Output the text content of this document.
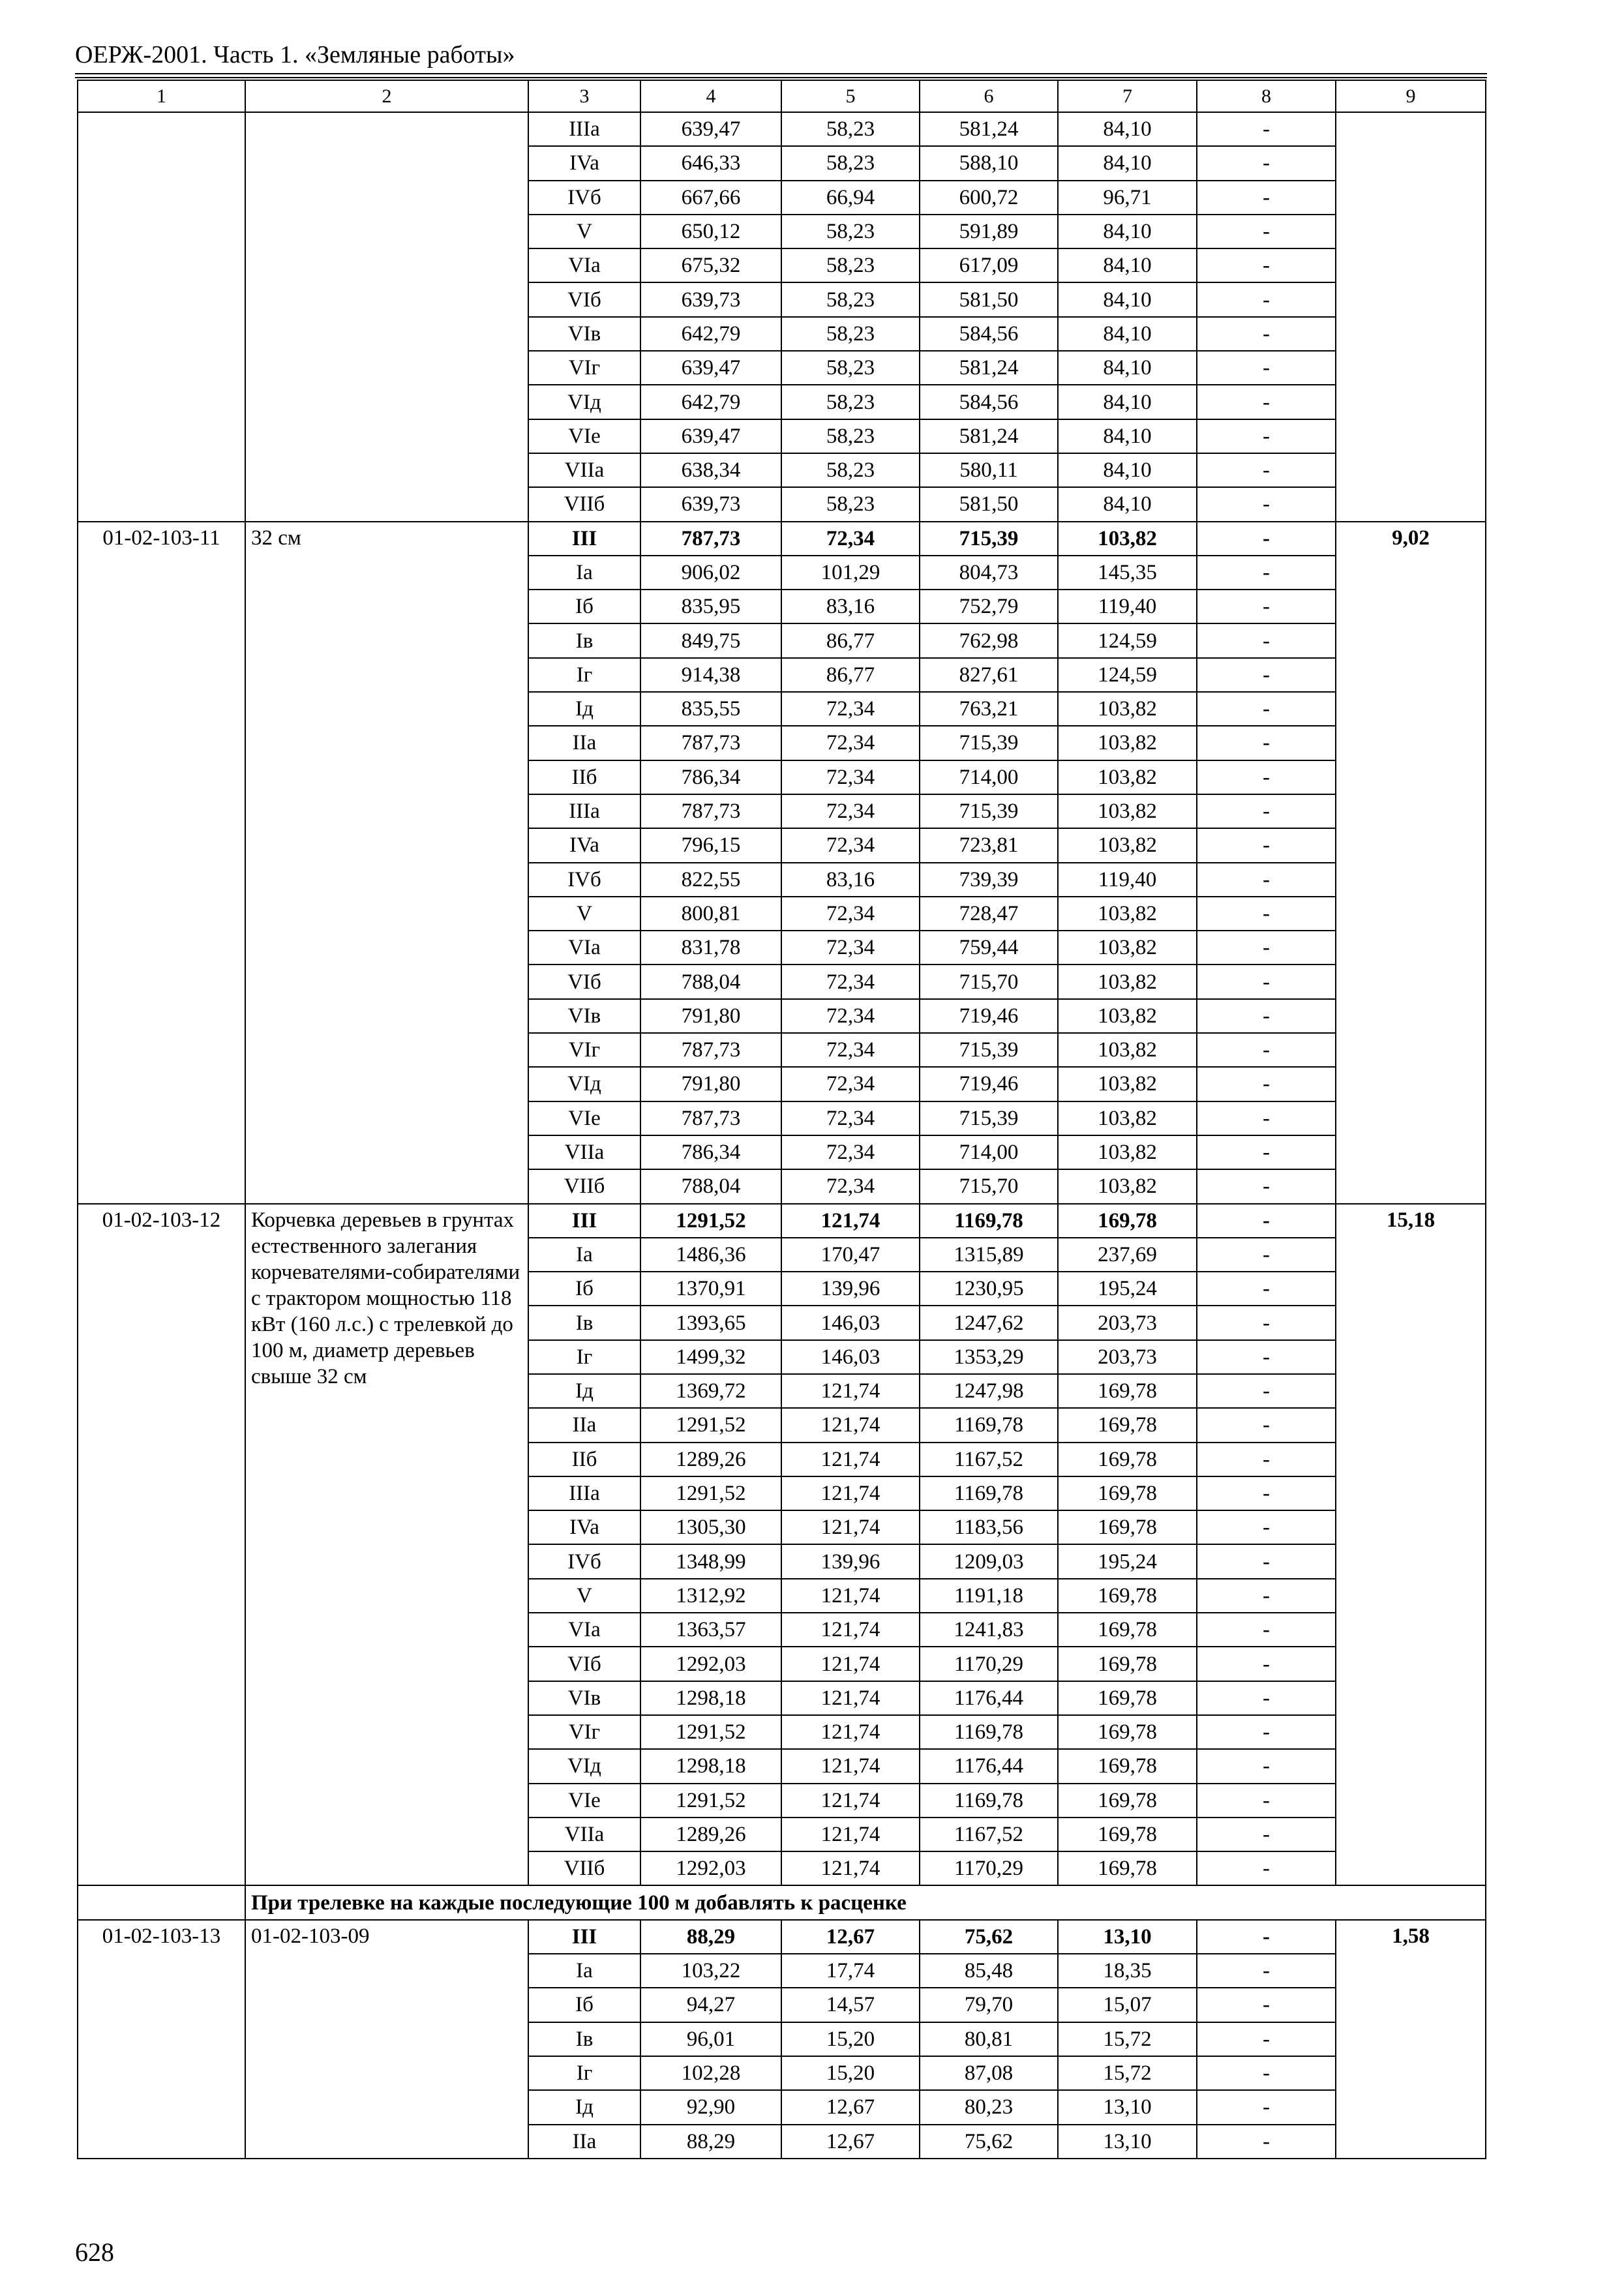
ОЕРЖ-2001. Часть 1. «Земляные работы»
1	2	3	4	5	6	7	8	9
		IIIa	639,47	58,23	581,24	84,10	-	
		IVa	646,33	58,23	588,10	84,10	-	
		IVб	667,66	66,94	600,72	96,71	-	
		V	650,12	58,23	591,89	84,10	-	
		VIa	675,32	58,23	617,09	84,10	-	
		VIб	639,73	58,23	581,50	84,10	-	
		VIв	642,79	58,23	584,56	84,10	-	
		VIг	639,47	58,23	581,24	84,10	-	
		VIд	642,79	58,23	584,56	84,10	-	
		VIе	639,47	58,23	581,24	84,10	-	
		VIIa	638,34	58,23	580,11	84,10	-	
		VIIб	639,73	58,23	581,50	84,10	-	
01-02-103-11	32 см	III	787,73	72,34	715,39	103,82	-	9,02
		Ia	906,02	101,29	804,73	145,35	-	
		Iб	835,95	83,16	752,79	119,40	-	
		Iв	849,75	86,77	762,98	124,59	-	
		Iг	914,38	86,77	827,61	124,59	-	
		Iд	835,55	72,34	763,21	103,82	-	
		IIa	787,73	72,34	715,39	103,82	-	
		IIб	786,34	72,34	714,00	103,82	-	
		IIIa	787,73	72,34	715,39	103,82	-	
		IVa	796,15	72,34	723,81	103,82	-	
		IVб	822,55	83,16	739,39	119,40	-	
		V	800,81	72,34	728,47	103,82	-	
		VIa	831,78	72,34	759,44	103,82	-	
		VIб	788,04	72,34	715,70	103,82	-	
		VIв	791,80	72,34	719,46	103,82	-	
		VIг	787,73	72,34	715,39	103,82	-	
		VIд	791,80	72,34	719,46	103,82	-	
		VIе	787,73	72,34	715,39	103,82	-	
		VIIa	786,34	72,34	714,00	103,82	-	
		VIIб	788,04	72,34	715,70	103,82	-	
01-02-103-12	Корчевка деревьев в грунтах естественного залегания корчевателями-собирателями с трактором мощностью 118 кВт (160 л.с.) с трелевкой до 100 м, диаметр деревьев свыше 32 см	III	1291,52	121,74	1169,78	169,78	-	15,18
		Ia	1486,36	170,47	1315,89	237,69	-	
		Iб	1370,91	139,96	1230,95	195,24	-	
		Iв	1393,65	146,03	1247,62	203,73	-	
		Iг	1499,32	146,03	1353,29	203,73	-	
		Iд	1369,72	121,74	1247,98	169,78	-	
		IIa	1291,52	121,74	1169,78	169,78	-	
		IIб	1289,26	121,74	1167,52	169,78	-	
		IIIa	1291,52	121,74	1169,78	169,78	-	
		IVa	1305,30	121,74	1183,56	169,78	-	
		IVб	1348,99	139,96	1209,03	195,24	-	
		V	1312,92	121,74	1191,18	169,78	-	
		VIa	1363,57	121,74	1241,83	169,78	-	
		VIб	1292,03	121,74	1170,29	169,78	-	
		VIв	1298,18	121,74	1176,44	169,78	-	
		VIг	1291,52	121,74	1169,78	169,78	-	
		VIд	1298,18	121,74	1176,44	169,78	-	
		VIе	1291,52	121,74	1169,78	169,78	-	
		VIIa	1289,26	121,74	1167,52	169,78	-	
		VIIб	1292,03	121,74	1170,29	169,78	-	
	При трелевке на каждые последующие 100 м добавлять к расценке							
01-02-103-13	01-02-103-09	III	88,29	12,67	75,62	13,10	-	1,58
		Ia	103,22	17,74	85,48	18,35	-	
		Iб	94,27	14,57	79,70	15,07	-	
		Iв	96,01	15,20	80,81	15,72	-	
		Iг	102,28	15,20	87,08	15,72	-	
		Iд	92,90	12,67	80,23	13,10	-	
		IIa	88,29	12,67	75,62	13,10	-	
628
